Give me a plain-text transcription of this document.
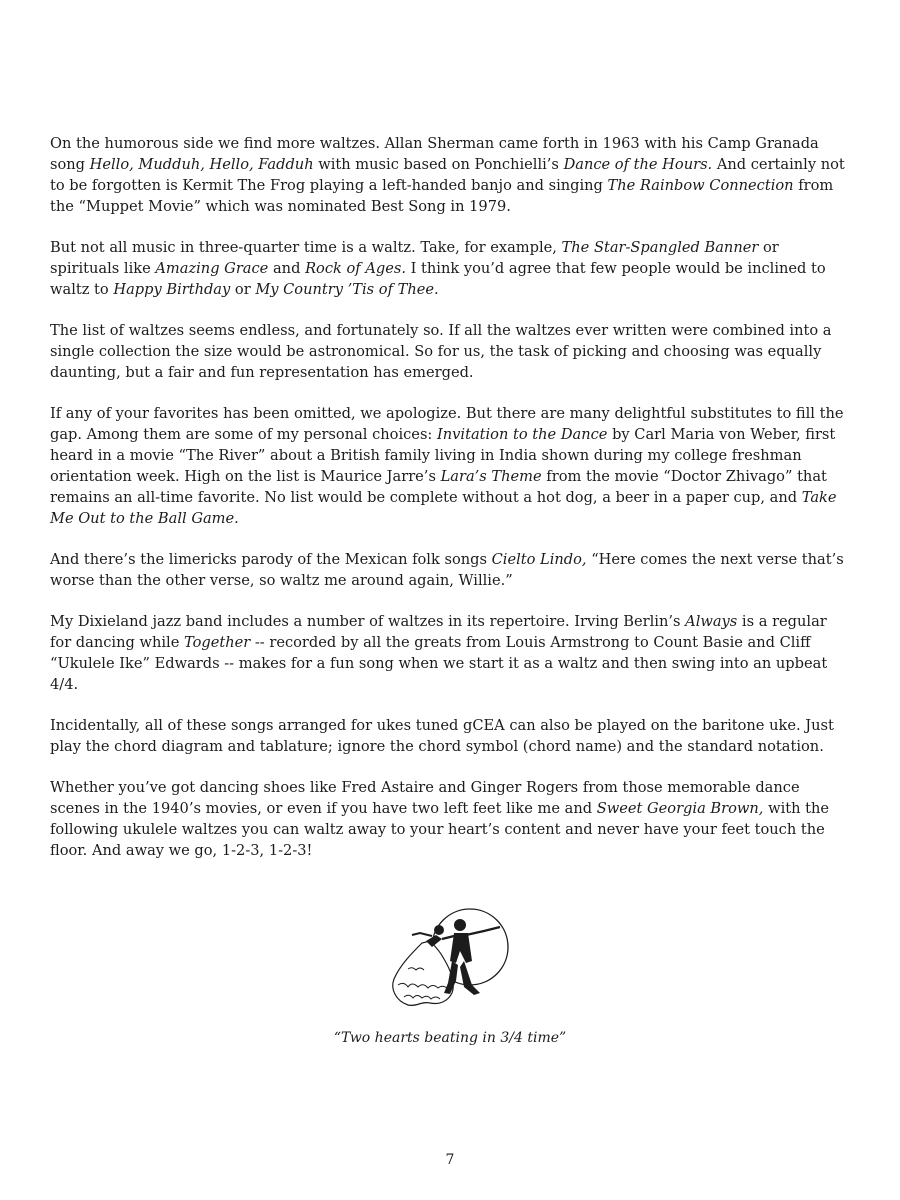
On the humorous side we find more waltzes. Allan Sherman came forth in 1963 with his Camp Granada song Hello, Mudduh, Hello, Fadduh with music based on Ponchielli’s Dance of the Hours. And certainly not to be forgotten is Kermit The Frog playing a left-handed banjo and singing The Rainbow Connection from the “Muppet Movie” which was nominated Best Song in 1979.

But not all music in three-quarter time is a waltz. Take, for example, The Star-Spangled Banner or spirituals like Amazing Grace and Rock of Ages. I think you’d agree that few people would be inclined to waltz to Happy Birthday or My Country ’Tis of Thee.

The list of waltzes seems endless, and fortunately so. If all the waltzes ever written were combined into a single collection the size would be astronomical. So for us, the task of picking and choosing was equally daunting, but a fair and fun representation has emerged.

If any of your favorites has been omitted, we apologize. But there are many delightful substitutes to fill the gap. Among them are some of my personal choices: Invitation to the Dance by Carl Maria von Weber, first heard in a movie “The River” about a British family living in India shown during my college freshman orientation week. High on the list is Maurice Jarre’s Lara’s Theme from the movie “Doctor Zhivago” that remains an all-time favorite. No list would be complete without a hot dog, a beer in a paper cup, and Take Me Out to the Ball Game.

And there’s the limericks parody of the Mexican folk songs Cielto Lindo, “Here comes the next verse that’s worse than the other verse, so waltz me around again, Willie.”

My Dixieland jazz band includes a number of waltzes in its repertoire. Irving Berlin’s Always is a regular for dancing while Together -- recorded by all the greats from Louis Armstrong to Count Basie and Cliff “Ukulele Ike” Edwards -- makes for a fun song when we start it as a waltz and then swing into an upbeat 4/4.

Incidentally, all of these songs arranged for ukes tuned gCEA can also be played on the baritone uke. Just play the chord diagram and tablature; ignore the chord symbol (chord name) and the standard notation.

Whether you’ve got dancing shoes like Fred Astaire and Ginger Rogers from those memorable dance scenes in the 1940’s movies, or even if you have two left feet like me and Sweet Georgia Brown, with the following ukulele waltzes you can waltz away to your heart’s content and never have your feet touch the floor. And away we go, 1-2-3, 1-2-3!

“Two hearts beating in 3/4 time”
7
